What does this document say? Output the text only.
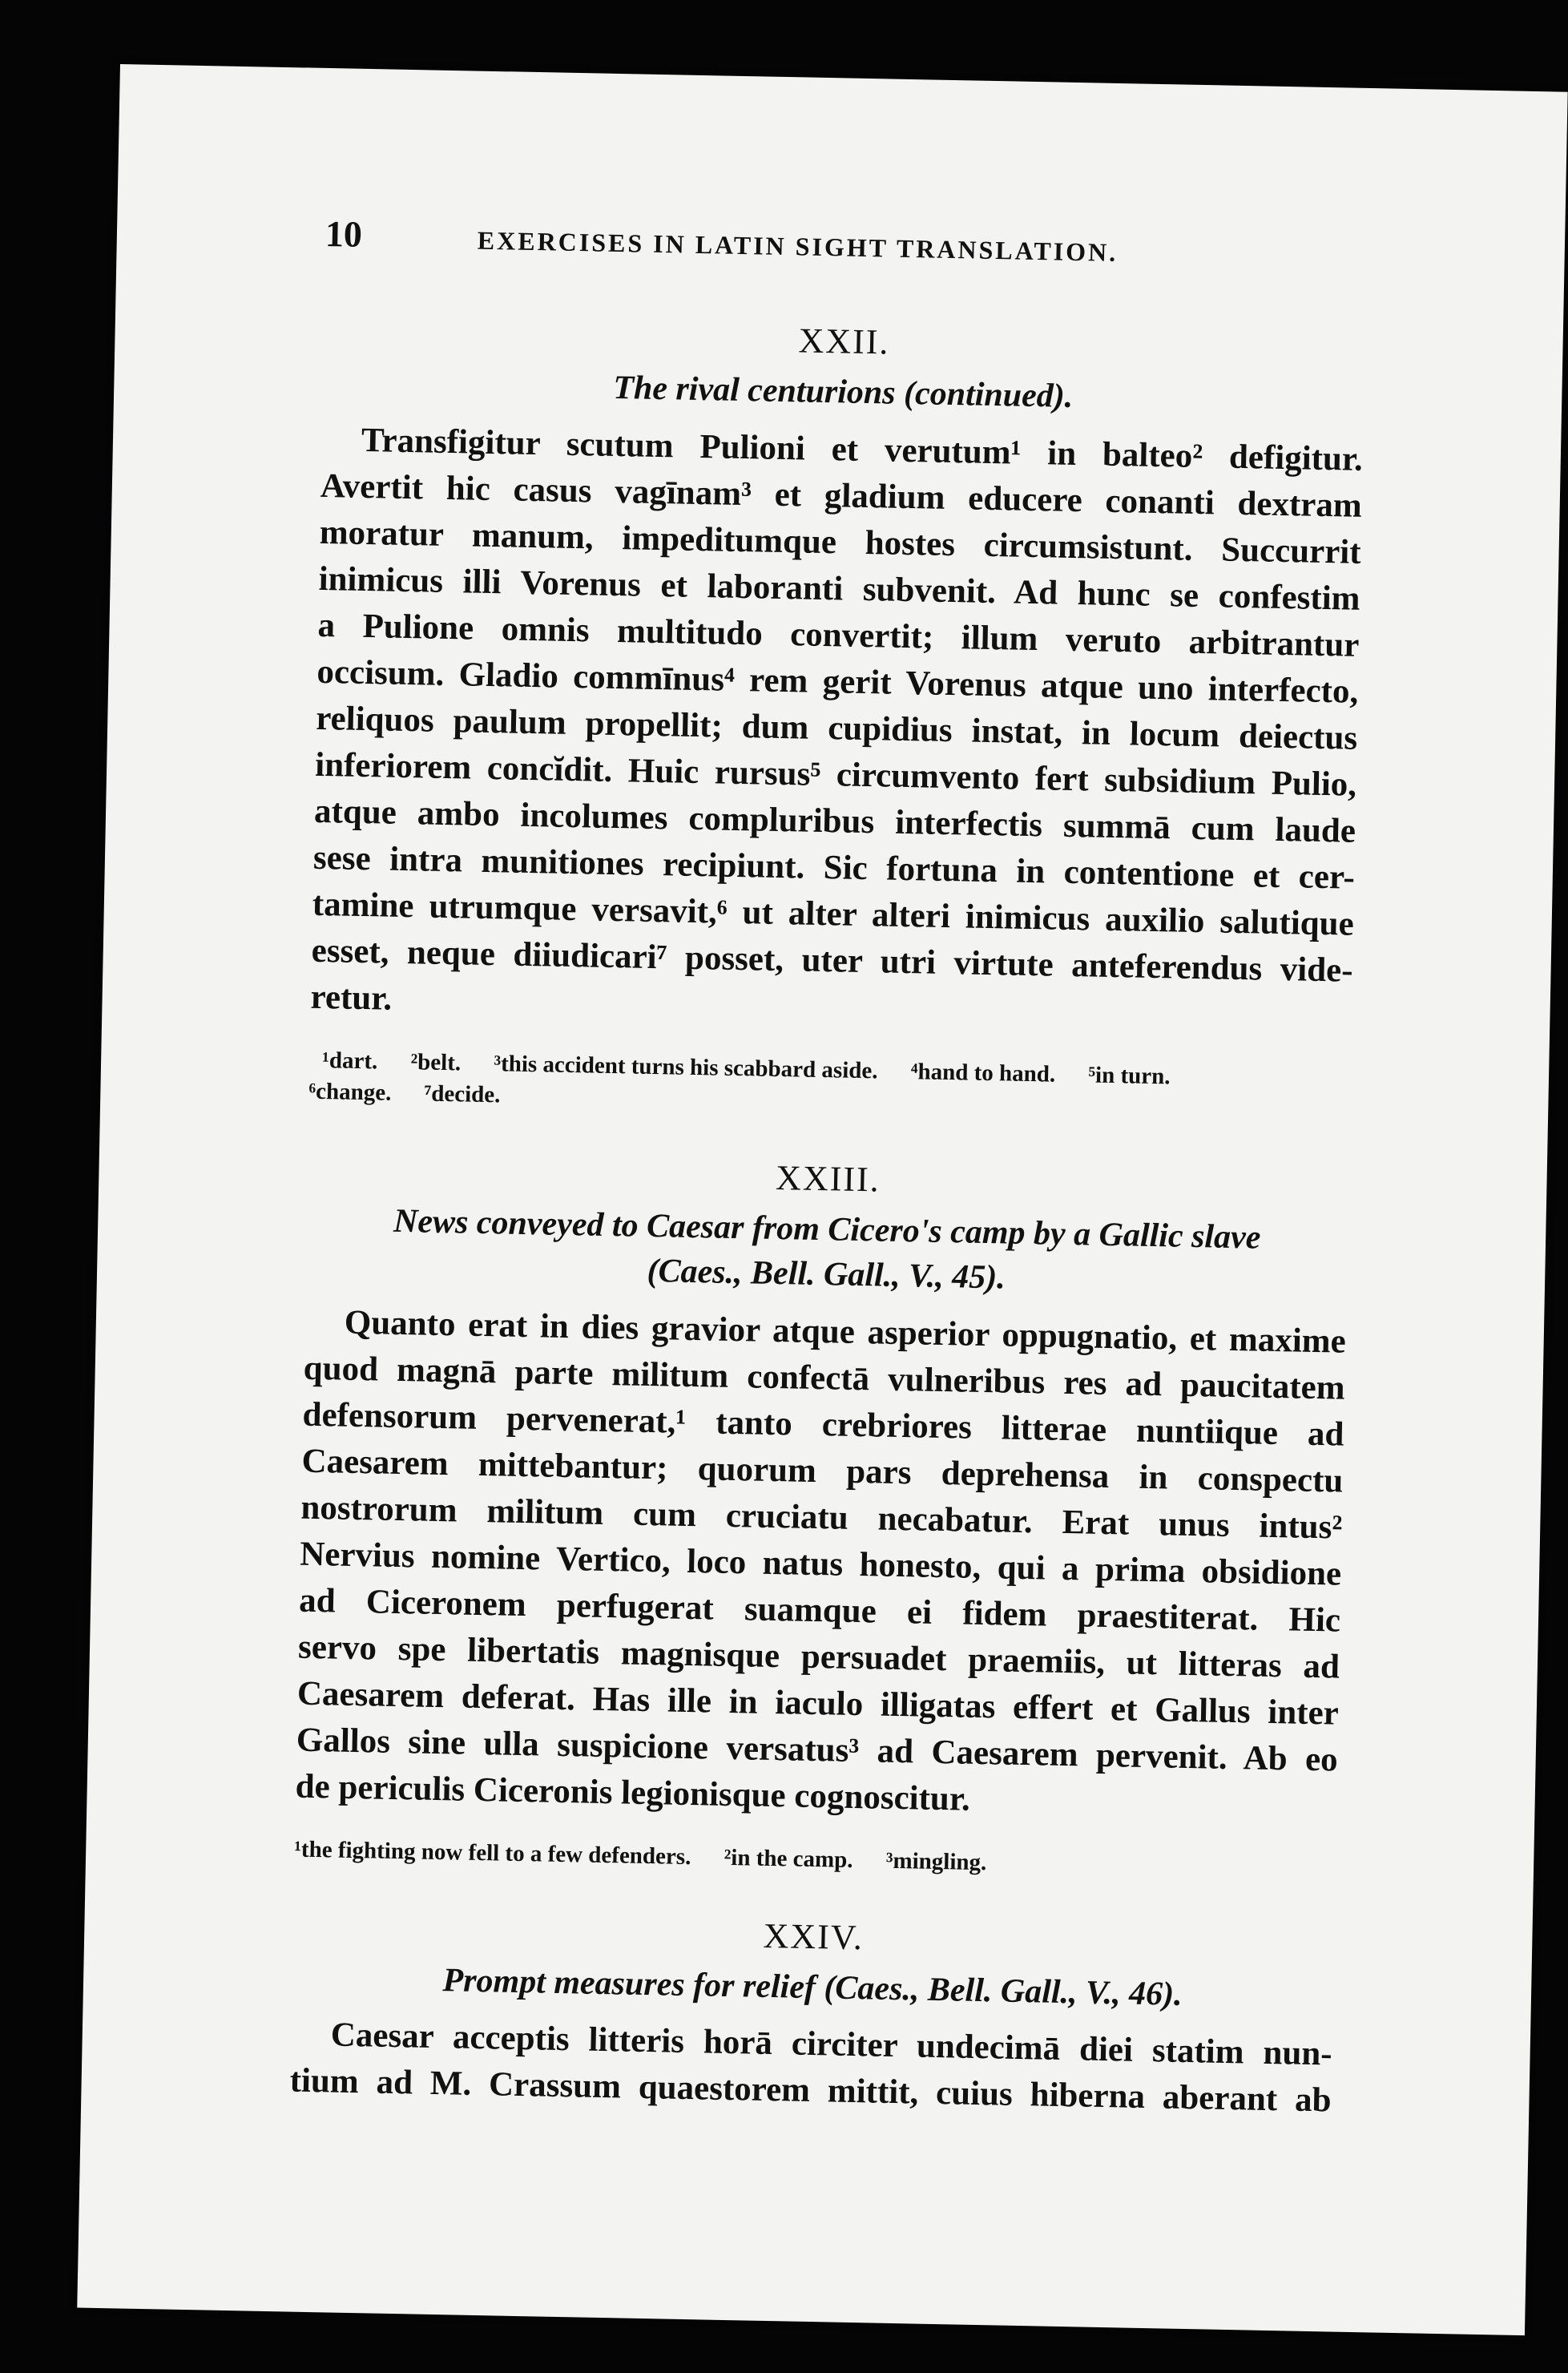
10	EXERCISES IN LATIN SIGHT TRANSLATION.
XXII.
The rival centurions (continued).
Transfigitur scutum Pulioni et verutum¹ in balteo² defigitur.
Avertit hic casus vagīnam³ et gladium educere conanti dextram
moratur manum, impeditumque hostes circumsistunt. Succurrit
inimicus illi Vorenus et laboranti subvenit. Ad hunc se confestim
a Pulione omnis multitudo convertit; illum veruto arbitrantur
occisum. Gladio commīnus⁴ rem gerit Vorenus atque uno interfecto,
reliquos paulum propellit; dum cupidius instat, in locum deiectus
inferiorem concĭdit. Huic rursus⁵ circumvento fert subsidium Pulio,
atque ambo incolumes compluribus interfectis summā cum laude
sese intra munitiones recipiunt. Sic fortuna in contentione et cer-
tamine utrumque versavit,⁶ ut alter alteri inimicus auxilio salutique
esset, neque diiudicari⁷ posset, uter utri virtute anteferendus vide-
retur.
¹dart. ²belt. ³this accident turns his scabbard aside. ⁴hand to hand. ⁵in turn.
⁶change. ⁷decide.
XXIII.
News conveyed to Caesar from Cicero's camp by a Gallic slave
(Caes., Bell. Gall., V., 45).
Quanto erat in dies gravior atque asperior oppugnatio, et maxime
quod magnā parte militum confectā vulneribus res ad paucitatem
defensorum pervenerat,¹ tanto crebriores litterae nuntiique ad
Caesarem mittebantur; quorum pars deprehensa in conspectu
nostrorum militum cum cruciatu necabatur. Erat unus intus²
Nervius nomine Vertico, loco natus honesto, qui a prima obsidione
ad Ciceronem perfugerat suamque ei fidem praestiterat. Hic
servo spe libertatis magnisque persuadet praemiis, ut litteras ad
Caesarem deferat. Has ille in iaculo illigatas effert et Gallus inter
Gallos sine ulla suspicione versatus³ ad Caesarem pervenit. Ab eo
de periculis Ciceronis legionisque cognoscitur.
¹the fighting now fell to a few defenders. ²in the camp. ³mingling.
XXIV.
Prompt measures for relief (Caes., Bell. Gall., V., 46).
Caesar acceptis litteris horā circiter undecimā diei statim nun-
tium ad M. Crassum quaestorem mittit, cuius hiberna aberant ab
